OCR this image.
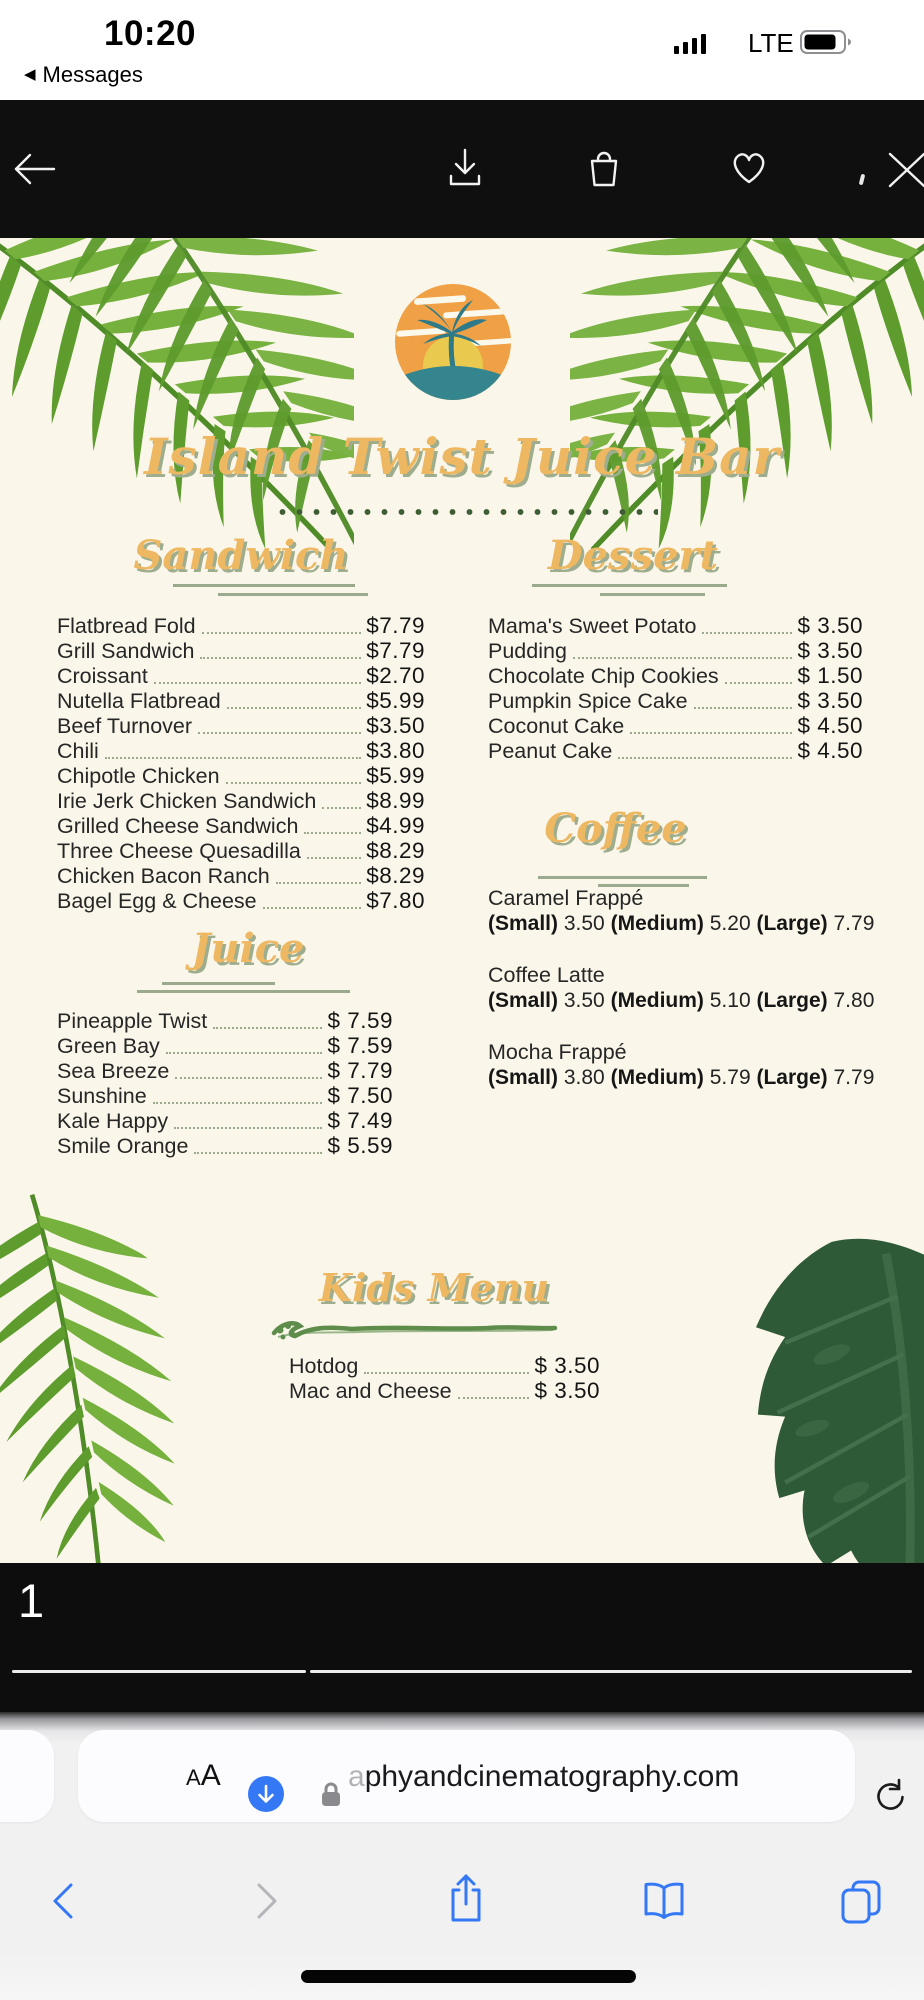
10:20
◀ Messages
LTE
Island Twist Juice Bar
Sandwich
Flatbread Fold	$7.79
Grill Sandwich	$7.79
Croissant	$2.70
Nutella Flatbread	$5.99
Beef Turnover	$3.50
Chili	$3.80
Chipotle Chicken	$5.99
Irie Jerk Chicken Sandwich $8.99
Grilled Cheese Sandwich	$4.99
Three Cheese Quesadilla	$8.29
Chicken Bacon Ranch	$8.29
Bagel Egg & Cheese	$7.80
Dessert
Mama's Sweet Potato	$ 3.50
Pudding	$ 3.50
Chocolate Chip Cookies	$ 1.50
Pumpkin Spice Cake	$ 3.50
Coconut Cake	$ 4.50
Peanut Cake	$ 4.50
Coffee
Caramel Frappé
(Small) 3.50 (Medium) 5.20 (Large) 7.79
Coffee Latte
(Small) 3.50 (Medium) 5.10 (Large) 7.80
Mocha Frappé
(Small) 3.80 (Medium) 5.79 (Large) 7.79
Juice
Pineapple Twist	$ 7.59
Green Bay	$ 7.59
Sea Breeze	$ 7.79
Sunshine	$ 7.50
Kale Happy	$ 7.49
Smile Orange	$ 5.59
Kids Menu
Hotdog	$ 3.50
Mac and Cheese	$ 3.50
1
AA	aphyandcinematography.com
